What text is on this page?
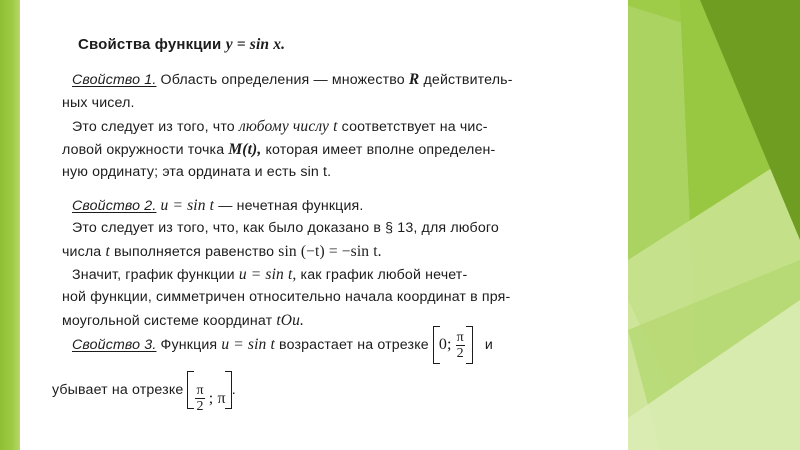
Свойства функции y = sin x.
Свойство 1. Область определения — множество R действитель-
ных чисел.
Это следует из того, что любому числу t соответствует на чис-
ловой окружности точка M(t), которая имеет вполне определен-
ную ординату; эта ордината и есть sin t.
Свойство 2. u = sin t — нечетная функция.
Это следует из того, что, как было доказано в § 13, для любого
числа t выполняется равенство sin (−t) = −sin t.
Значит, график функции u = sin t, как график любой нечет-
ной функции, симметричен относительно начала координат в пря-
моугольной системе координат tOu.
Свойство 3. Функция u = sin t возрастает на отрезке 0; $\frac{\pi}{2}$ и
убывает на отрезке $\frac{\pi}{2}$ ; π .
